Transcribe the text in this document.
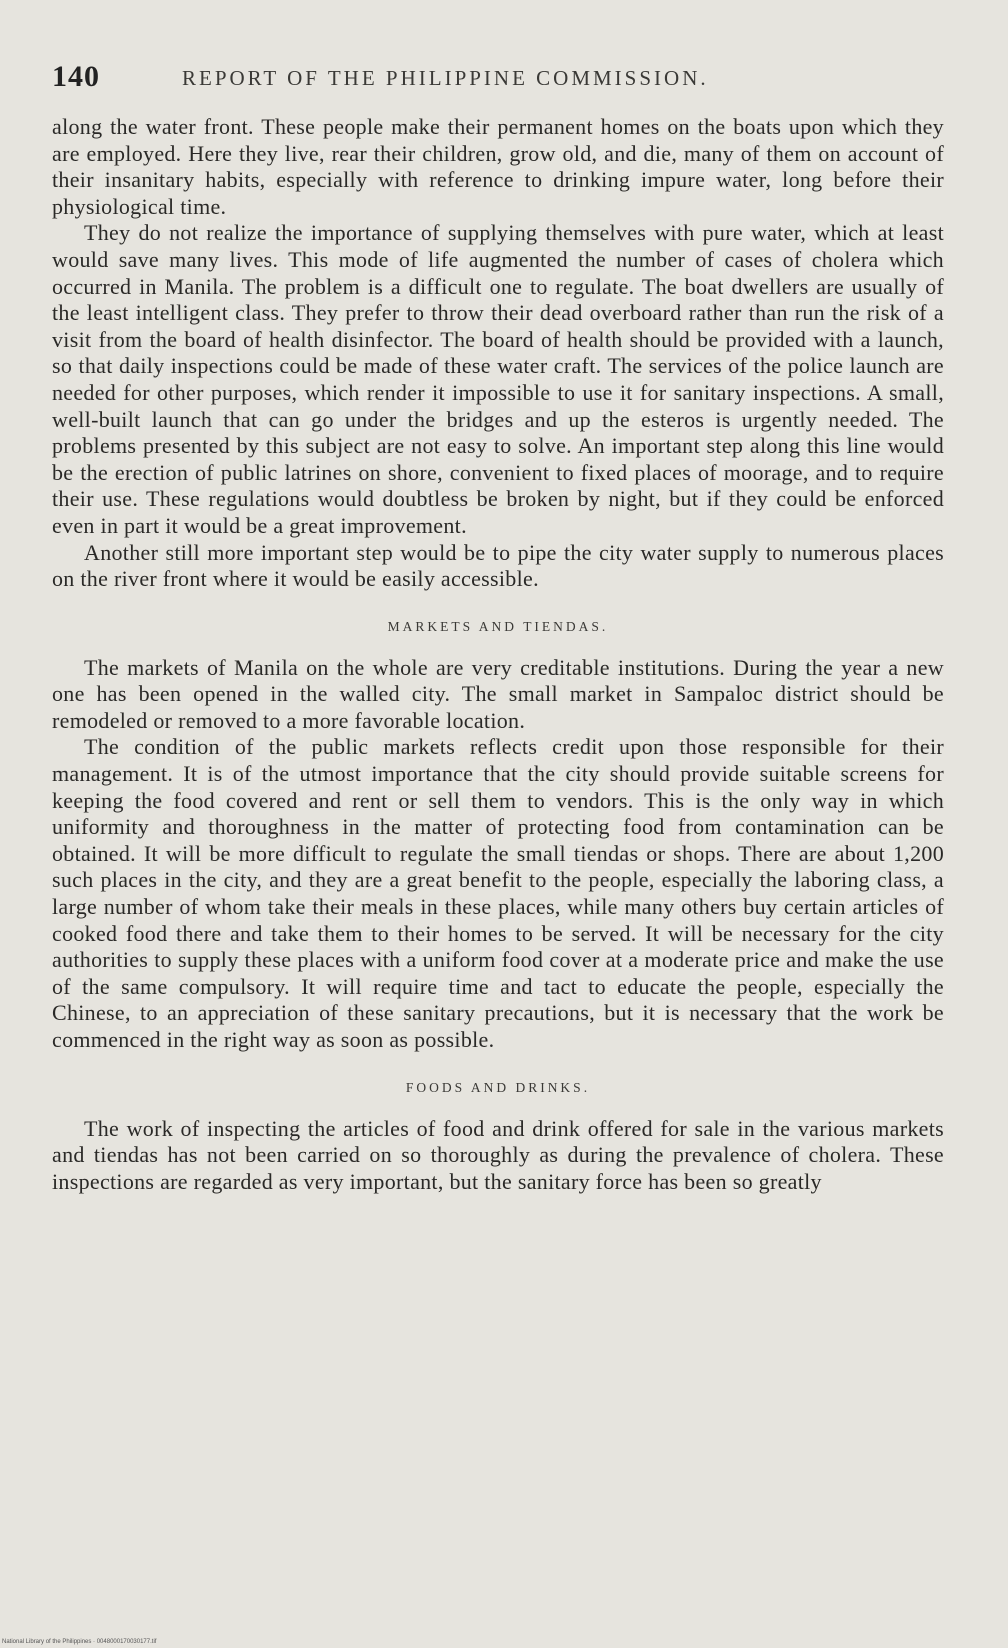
140	REPORT OF THE PHILIPPINE COMMISSION.

along the water front. These people make their permanent homes on the boats upon which they are employed. Here they live, rear their children, grow old, and die, many of them on account of their insanitary habits, especially with reference to drinking impure water, long before their physiological time.

They do not realize the importance of supplying themselves with pure water, which at least would save many lives. This mode of life augmented the number of cases of cholera which occurred in Manila. The problem is a difficult one to regulate. The boat dwellers are usually of the least intelligent class. They prefer to throw their dead overboard rather than run the risk of a visit from the board of health disinfector. The board of health should be provided with a launch, so that daily inspections could be made of these water craft. The services of the police launch are needed for other purposes, which render it impossible to use it for sanitary inspections. A small, well-built launch that can go under the bridges and up the esteros is urgently needed. The problems presented by this subject are not easy to solve. An important step along this line would be the erection of public latrines on shore, convenient to fixed places of moorage, and to require their use. These regulations would doubtless be broken by night, but if they could be enforced even in part it would be a great improvement.

Another still more important step would be to pipe the city water supply to numerous places on the river front where it would be easily accessible.

MARKETS AND TIENDAS.

The markets of Manila on the whole are very creditable institutions. During the year a new one has been opened in the walled city. The small market in Sampaloc district should be remodeled or removed to a more favorable location.

The condition of the public markets reflects credit upon those responsible for their management. It is of the utmost importance that the city should provide suitable screens for keeping the food covered and rent or sell them to vendors. This is the only way in which uniformity and thoroughness in the matter of protecting food from contamination can be obtained. It will be more difficult to regulate the small tiendas or shops. There are about 1,200 such places in the city, and they are a great benefit to the people, especially the laboring class, a large number of whom take their meals in these places, while many others buy certain articles of cooked food there and take them to their homes to be served. It will be necessary for the city authorities to supply these places with a uniform food cover at a moderate price and make the use of the same compulsory. It will require time and tact to educate the people, especially the Chinese, to an appreciation of these sanitary precautions, but it is necessary that the work be commenced in the right way as soon as possible.

FOODS AND DRINKS.

The work of inspecting the articles of food and drink offered for sale in the various markets and tiendas has not been carried on so thoroughly as during the prevalence of cholera. These inspections are regarded as very important, but the sanitary force has been so greatly

National Library of the Philippines · 0048000170030177.tif
